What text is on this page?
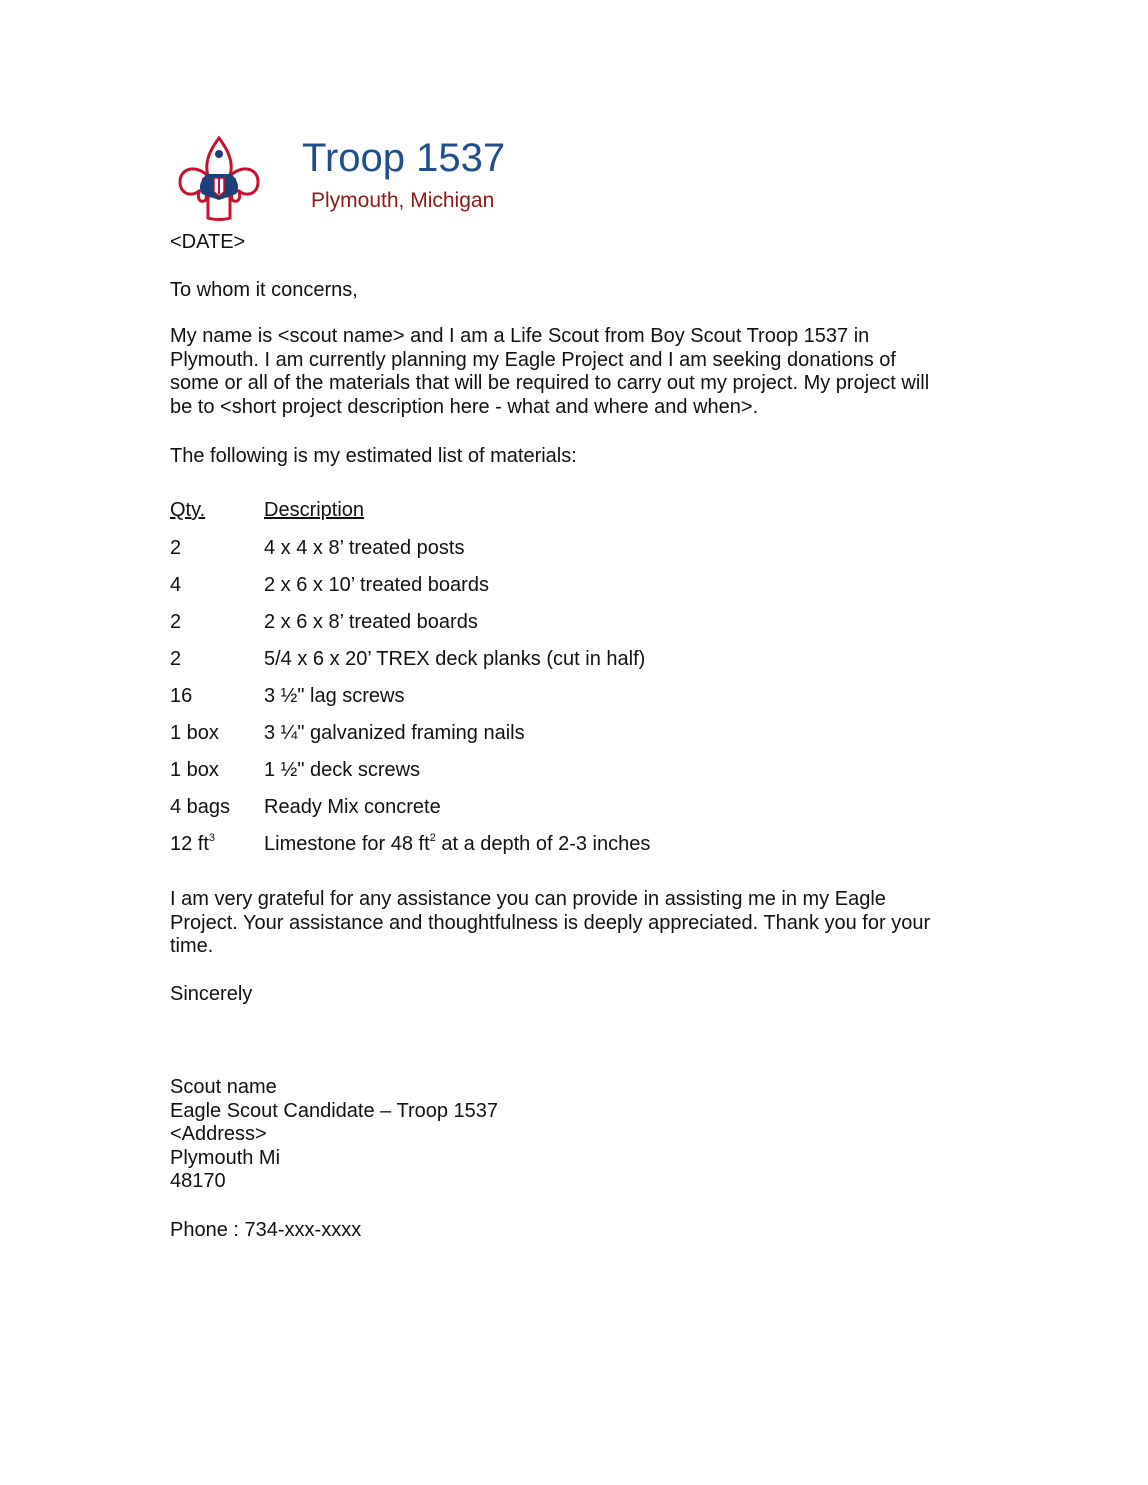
Troop 1537
Plymouth, Michigan
<DATE>
To whom it concerns,
My name is <scout name> and I am a Life Scout from Boy Scout Troop 1537 in
Plymouth. I am currently planning my Eagle Project and I am seeking donations of
some or all of the materials that will be required to carry out my project. My project will
be to <short project description here - what and where and when>.
The following is my estimated list of materials:
Qty.	Description
2	4 x 4 x 8’ treated posts
4	2 x 6 x 10’ treated boards
2	2 x 6 x 8’ treated boards
2	5/4 x 6 x 20’ TREX deck planks (cut in half)
16	3 ½" lag screws
1 box 3 ¼" galvanized framing nails
1 box 1 ½" deck screws
4 bags Ready Mix concrete
12 $ft^3$ Limestone for 48 $ft^2$ at a depth of 2-3 inches
I am very grateful for any assistance you can provide in assisting me in my Eagle
Project. Your assistance and thoughtfulness is deeply appreciated. Thank you for your
time.
Sincerely
Scout name
Eagle Scout Candidate – Troop 1537
<Address>
Plymouth Mi
48170
Phone : 734-xxx-xxxx
